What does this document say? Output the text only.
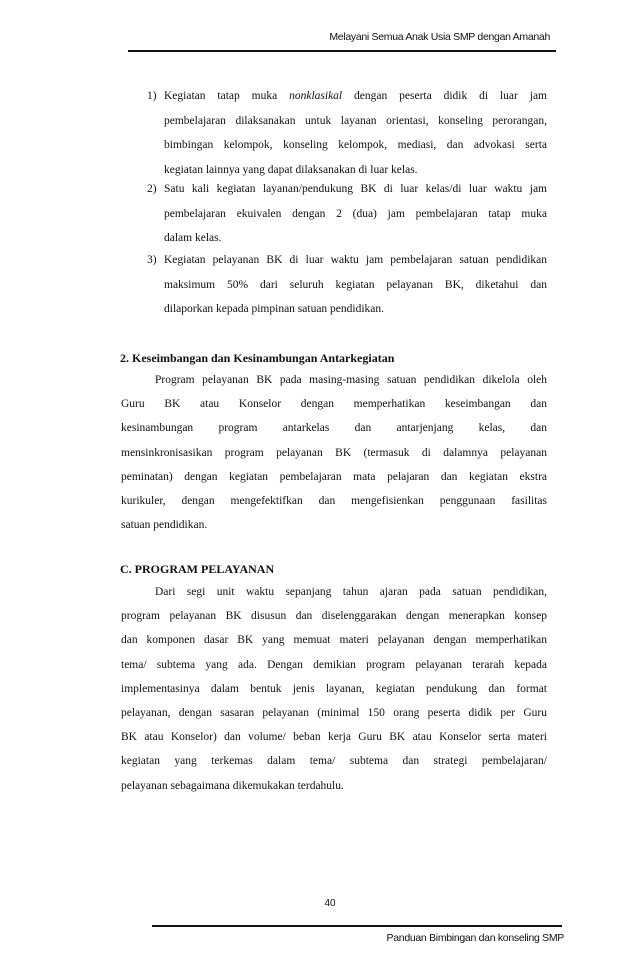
Melayani Semua Anak Usia SMP dengan Amanah
1) Kegiatan tatap muka nonklasikal dengan peserta didik di luar jam
pembelajaran dilaksanakan untuk layanan orientasi, konseling perorangan,
bimbingan kelompok, konseling kelompok, mediasi, dan advokasi serta
kegiatan lainnya yang dapat dilaksanakan di luar kelas.
2) Satu kali kegiatan layanan/pendukung BK di luar kelas/di luar waktu jam
pembelajaran ekuivalen dengan 2 (dua) jam pembelajaran tatap muka
dalam kelas.
3) Kegiatan pelayanan BK di luar waktu jam pembelajaran satuan pendidikan
maksimum 50% dari seluruh kegiatan pelayanan BK, diketahui dan
dilaporkan kepada pimpinan satuan pendidikan.
2. Keseimbangan dan Kesinambungan Antarkegiatan
Program pelayanan BK pada masing-masing satuan pendidikan dikelola oleh
Guru BK atau Konselor dengan memperhatikan keseimbangan dan
kesinambungan program antarkelas dan antarjenjang kelas, dan
mensinkronisasikan program pelayanan BK (termasuk di dalamnya pelayanan
peminatan) dengan kegiatan pembelajaran mata pelajaran dan kegiatan ekstra
kurikuler, dengan mengefektifkan dan mengefisienkan penggunaan fasilitas
satuan pendidikan.
C. PROGRAM PELAYANAN
Dari segi unit waktu sepanjang tahun ajaran pada satuan pendidikan,
program pelayanan BK disusun dan diselenggarakan dengan menerapkan konsep
dan komponen dasar BK yang memuat materi pelayanan dengan memperhatikan
tema/ subtema yang ada. Dengan demikian program pelayanan terarah kepada
implementasinya dalam bentuk jenis layanan, kegiatan pendukung dan format
pelayanan, dengan sasaran pelayanan (minimal 150 orang peserta didik per Guru
BK atau Konselor) dan volume/ beban kerja Guru BK atau Konselor serta materi
kegiatan yang terkemas dalam tema/ subtema dan strategi pembelajaran/
pelayanan sebagaimana dikemukakan terdahulu.
40
Panduan Bimbingan dan konseling SMP
